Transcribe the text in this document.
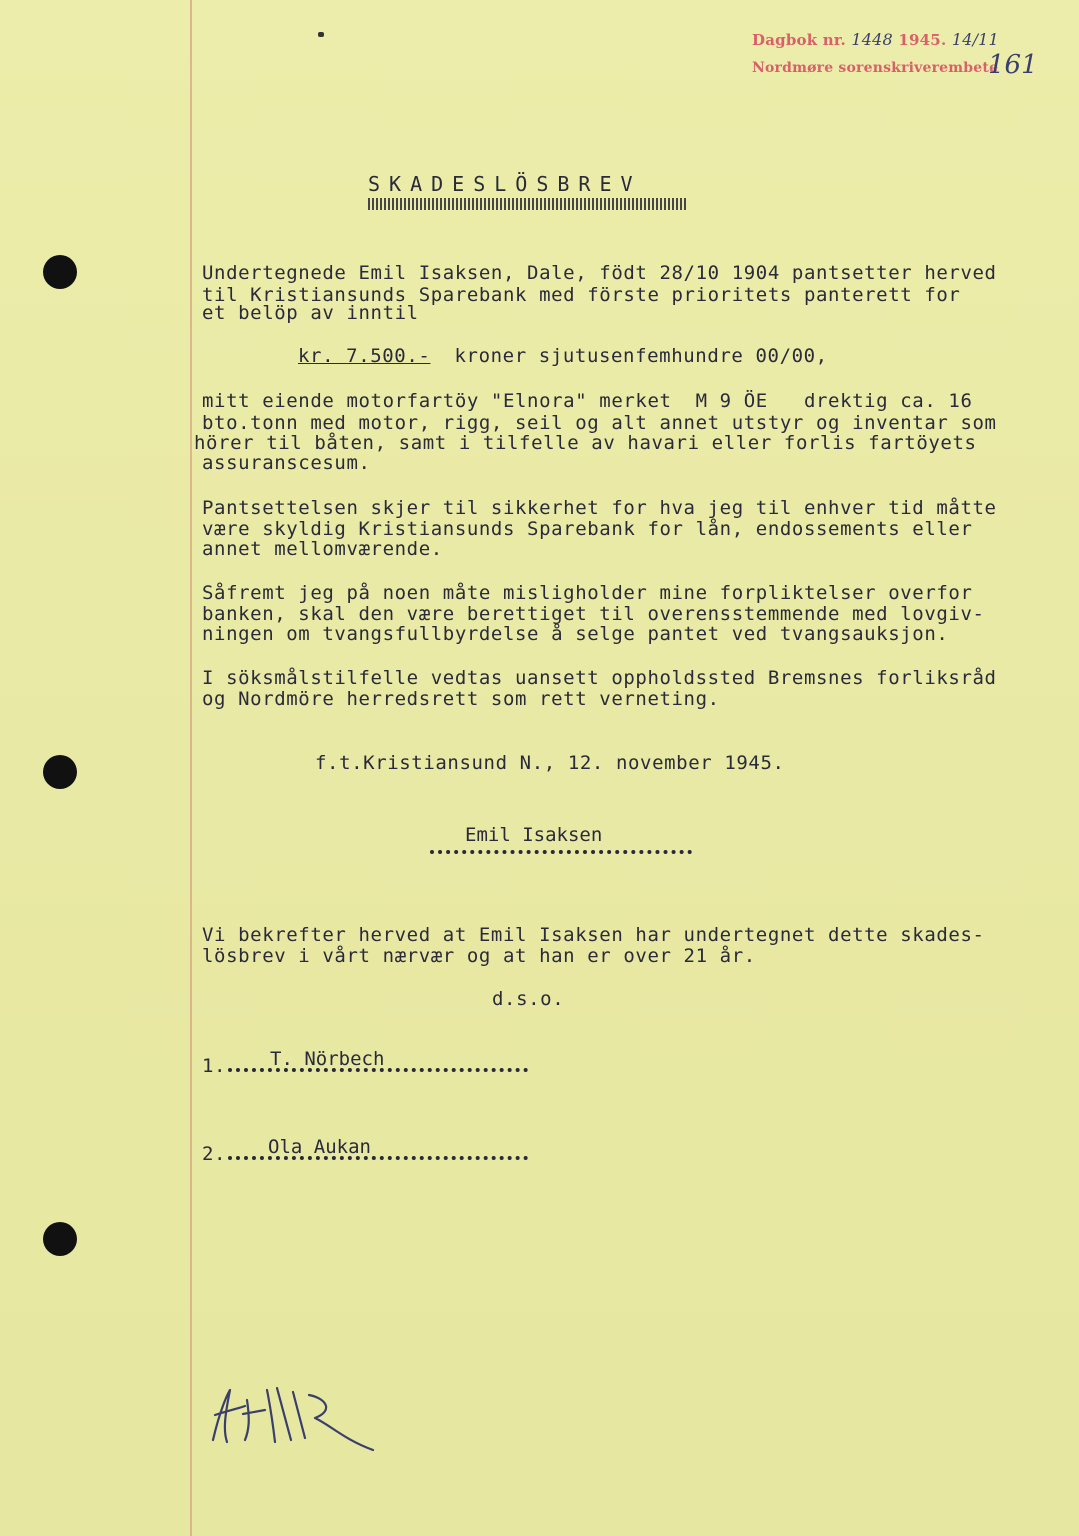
Dagbok nr. 1448 1945. 14/11
Nordmøre sorenskriverembete
161
SKADESLÖSBREV
Undertegnede Emil Isaksen, Dale, födt 28/10 1904 pantsetter herved
til Kristiansunds Sparebank med förste prioritets panterett for
et belöp av inntil
kr. 7.500.- kroner sjutusenfemhundre 00/00,
mitt eiende motorfartöy "Elnora" merket  M 9 ÖE   drektig ca. 16
bto.tonn med motor, rigg, seil og alt annet utstyr og inventar som
hörer til båten, samt i tilfelle av havari eller forlis fartöyets
assuranscesum.
Pantsettelsen skjer til sikkerhet for hva jeg til enhver tid måtte
være skyldig Kristiansunds Sparebank for lån, endossements eller
annet mellomværende.
Såfremt jeg på noen måte misligholder mine forpliktelser overfor
banken, skal den være berettiget til overensstemmende med lovgiv-
ningen om tvangsfullbyrdelse å selge pantet ved tvangsauksjon.
I söksmålstilfelle vedtas uansett oppholdssted Bremsnes forliksråd
og Nordmöre herredsrett som rett verneting.
f.t.Kristiansund N., 12. november 1945.
Emil Isaksen
Vi bekrefter herved at Emil Isaksen har undertegnet dette skades-
lösbrev i vårt nærvær og at han er over 21 år.
d.s.o.
1. T. Nörbech
2. Ola Aukan
